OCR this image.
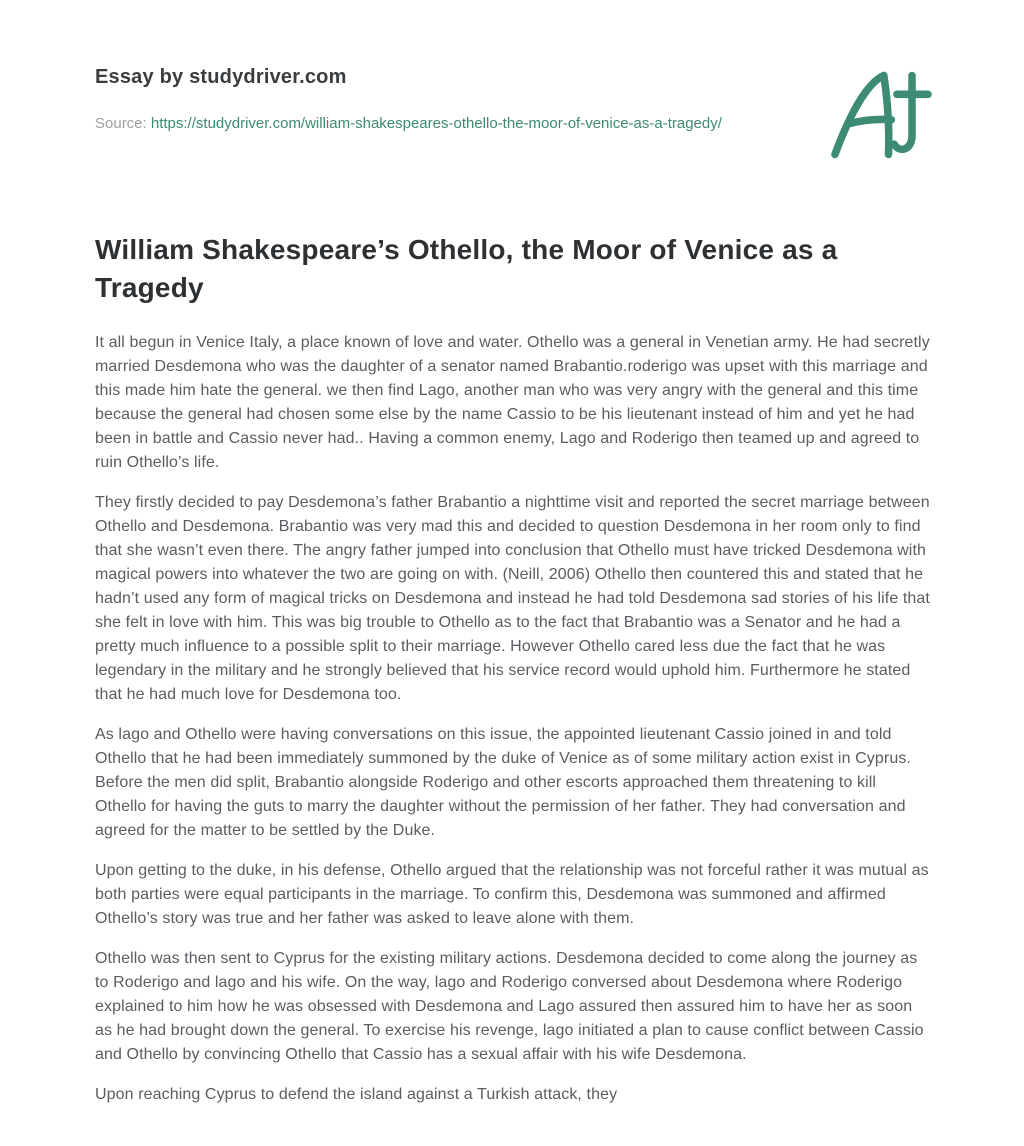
Essay by studydriver.com

Source: https://studydriver.com/william-shakespeares-othello-the-moor-of-venice-as-a-tragedy/

William Shakespeare’s Othello, the Moor of Venice as a Tragedy

It all begun in Venice Italy, a place known of love and water. Othello was a general in Venetian army. He had secretly married Desdemona who was the daughter of a senator named Brabantio.roderigo was upset with this marriage and this made him hate the general. we then find Lago, another man who was very angry with the general and this time because the general had chosen some else by the name Cassio to be his lieutenant instead of him and yet he had been in battle and Cassio never had.. Having a common enemy, Lago and Roderigo then teamed up and agreed to ruin Othello’s life.

They firstly decided to pay Desdemona’s father Brabantio a nighttime visit and reported the secret marriage between Othello and Desdemona. Brabantio was very mad this and decided to question Desdemona in her room only to find that she wasn’t even there. The angry father jumped into conclusion that Othello must have tricked Desdemona with magical powers into whatever the two are going on with. (Neill, 2006) Othello then countered this and stated that he hadn’t used any form of magical tricks on Desdemona and instead he had told Desdemona sad stories of his life that she felt in love with him. This was big trouble to Othello as to the fact that Brabantio was a Senator and he had a pretty much influence to a possible split to their marriage. However Othello cared less due the fact that he was legendary in the military and he strongly believed that his service record would uphold him. Furthermore he stated that he had much love for Desdemona too.

As lago and Othello were having conversations on this issue, the appointed lieutenant Cassio joined in and told Othello that he had been immediately summoned by the duke of Venice as of some military action exist in Cyprus. Before the men did split, Brabantio alongside Roderigo and other escorts approached them threatening to kill Othello for having the guts to marry the daughter without the permission of her father. They had conversation and agreed for the matter to be settled by the Duke.

Upon getting to the duke, in his defense, Othello argued that the relationship was not forceful rather it was mutual as both parties were equal participants in the marriage. To confirm this, Desdemona was summoned and affirmed Othello’s story was true and her father was asked to leave alone with them.

Othello was then sent to Cyprus for the existing military actions. Desdemona decided to come along the journey as to Roderigo and lago and his wife. On the way, lago and Roderigo conversed about Desdemona where Roderigo explained to him how he was obsessed with Desdemona and Lago assured then assured him to have her as soon as he had brought down the general. To exercise his revenge, lago initiated a plan to cause conflict between Cassio and Othello by convincing Othello that Cassio has a sexual affair with his wife Desdemona.

Upon reaching Cyprus to defend the island against a Turkish attack, they
